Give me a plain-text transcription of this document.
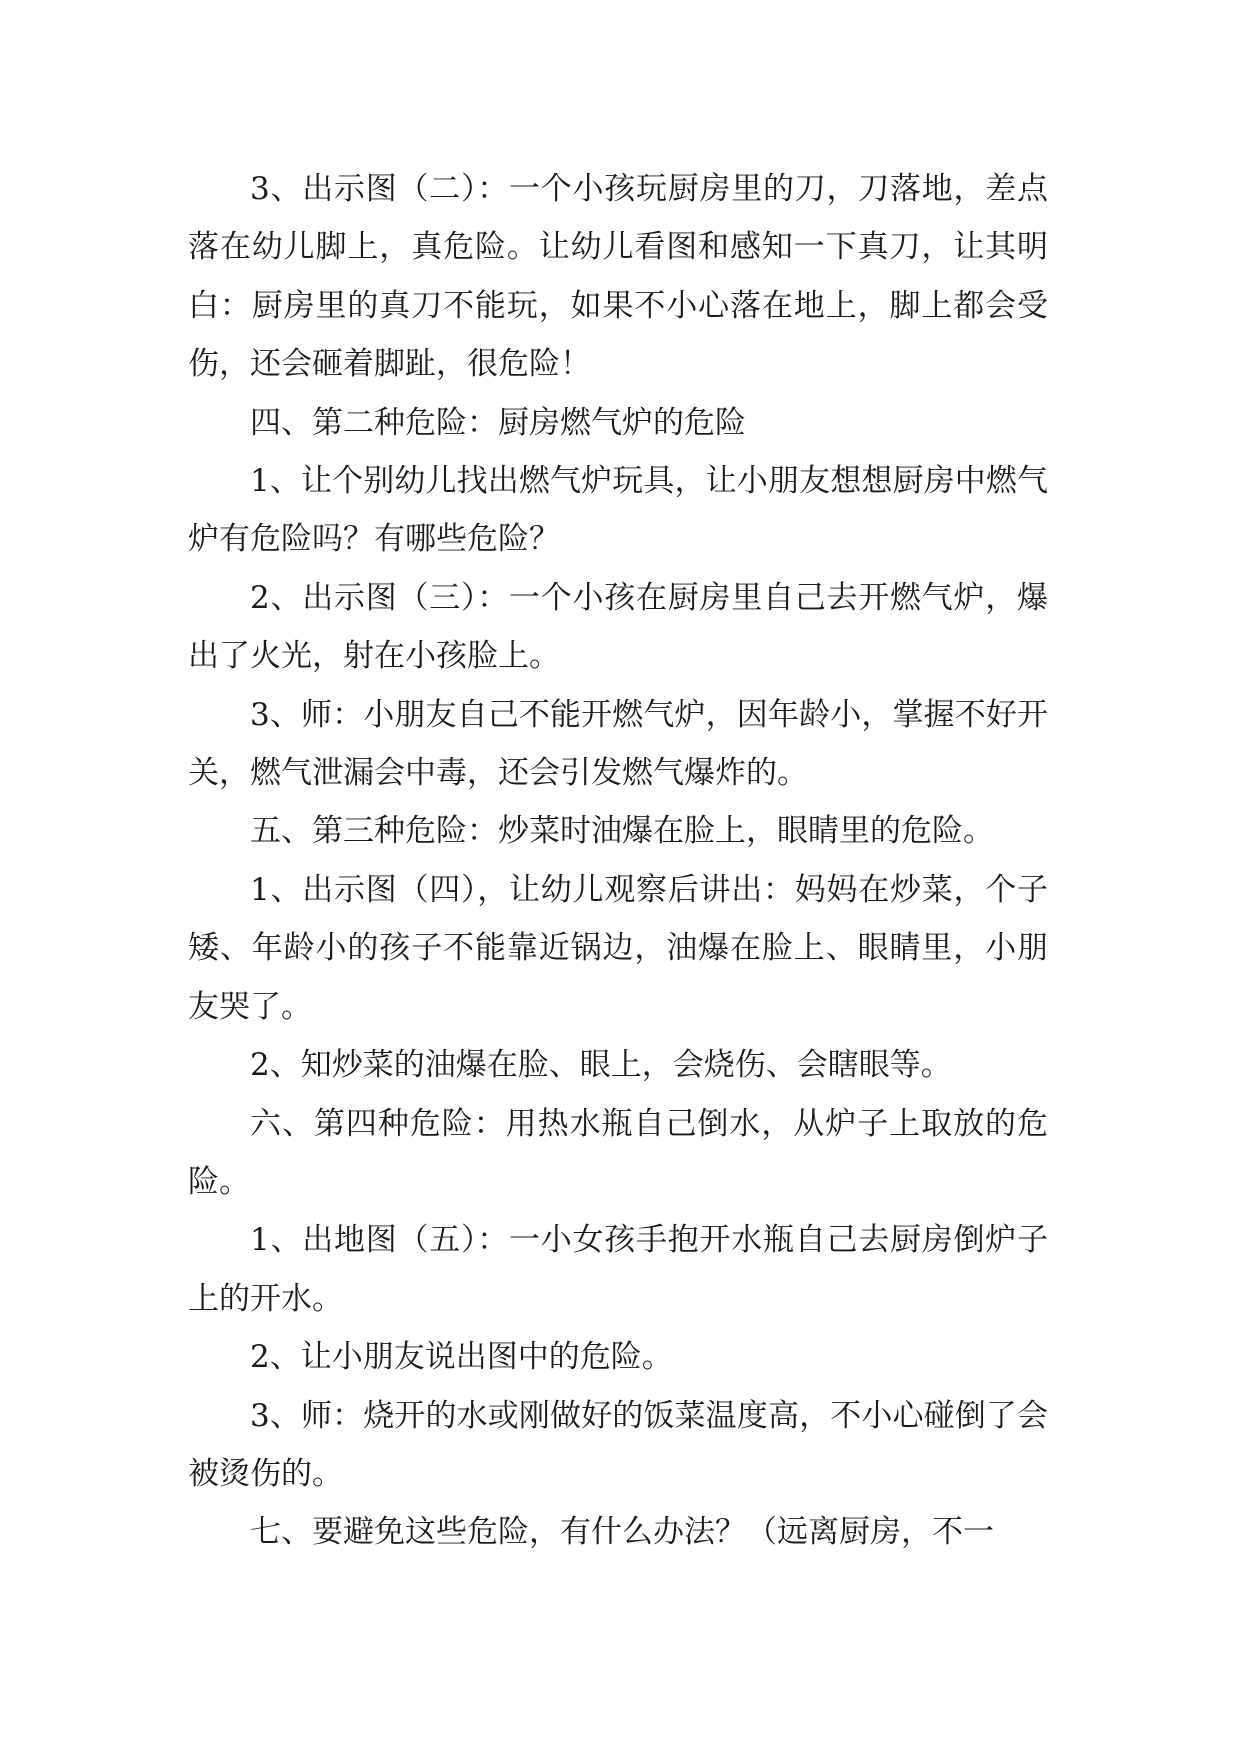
3、出示图（二）：一个小孩玩厨房里的刀，刀落地，差点落在幼儿脚上，真危险。让幼儿看图和感知一下真刀，让其明白：厨房里的真刀不能玩，如果不小心落在地上，脚上都会受伤，还会砸着脚趾，很危险！

四、第二种危险：厨房燃气炉的危险

1、让个别幼儿找出燃气炉玩具，让小朋友想想厨房中燃气炉有危险吗？有哪些危险？

2、出示图（三）：一个小孩在厨房里自己去开燃气炉，爆出了火光，射在小孩脸上。

3、师：小朋友自己不能开燃气炉，因年龄小，掌握不好开关，燃气泄漏会中毒，还会引发燃气爆炸的。

五、第三种危险：炒菜时油爆在脸上，眼睛里的危险。

1、出示图（四），让幼儿观察后讲出：妈妈在炒菜，个子矮、年龄小的孩子不能靠近锅边，油爆在脸上、眼睛里，小朋友哭了。

2、知炒菜的油爆在脸、眼上，会烧伤、会瞎眼等。

六、第四种危险：用热水瓶自己倒水，从炉子上取放的危险。

1、出地图（五）：一小女孩手抱开水瓶自己去厨房倒炉子上的开水。

2、让小朋友说出图中的危险。

3、师：烧开的水或刚做好的饭菜温度高，不小心碰倒了会被烫伤的。

七、要避免这些危险，有什么办法？（远离厨房，不一
